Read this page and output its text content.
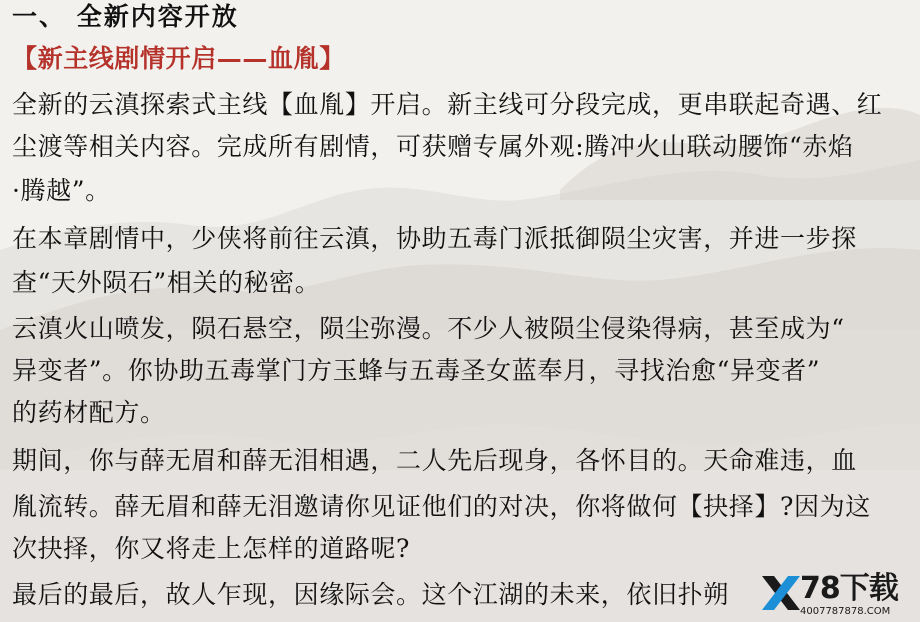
一、 全新内容开放
【新主线剧情开启——血胤】
全新的云滇探索式主线【血胤】开启。新主线可分段完成，更串联起奇遇、红
尘渡等相关内容。完成所有剧情，可获赠专属外观:腾冲火山联动腰饰“赤焰
·腾越”。
在本章剧情中，少侠将前往云滇，协助五毒门派抵御陨尘灾害，并进一步探
查“天外陨石”相关的秘密。
云滇火山喷发，陨石悬空，陨尘弥漫。不少人被陨尘侵染得病，甚至成为“
异变者”。你协助五毒掌门方玉蜂与五毒圣女蓝奉月，寻找治愈“异变者”
的药材配方。
期间，你与薛无眉和薛无泪相遇，二人先后现身，各怀目的。天命难违，血
胤流转。薛无眉和薛无泪邀请你见证他们的对决，你将做何【抉择】?因为这
次抉择，你又将走上怎样的道路呢?
最后的最后，故人乍现，因缘际会。这个江湖的未来，依旧扑朔 78下载
4007787878.COM
